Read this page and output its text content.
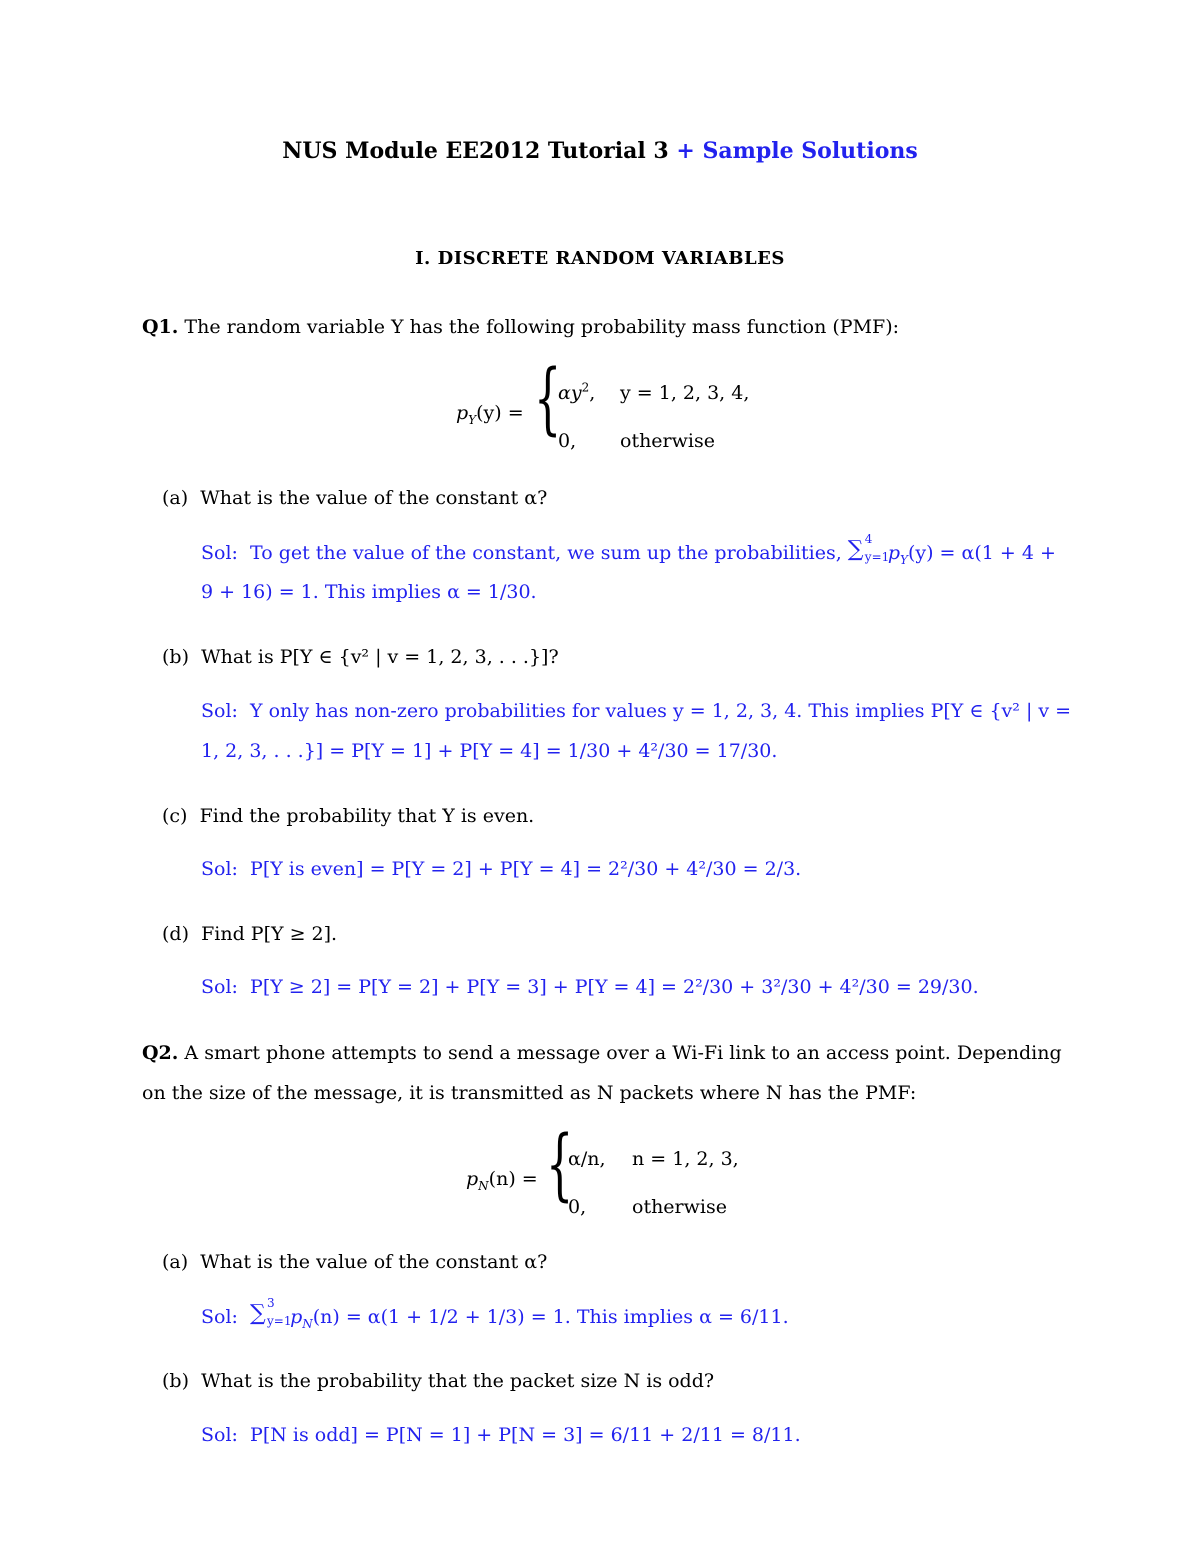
NUS Module EE2012 Tutorial 3 + Sample Solutions
I. DISCRETE RANDOM VARIABLES
Q1. The random variable Y has the following probability mass function (PMF):
$p_Y(y)$ = {
$\alpha y^2$, y = 1, 2, 3, 4,
0, otherwise
(a) What is the value of the constant α?
Sol: To get the value of the constant, we sum up the probabilities, ∑ 4
y=1
$p_Y(y) = \alpha(1 + 4$ +
9 + 16) = 1. This implies α = 1/30.
(b) What is P[Y ∈ {v² | v = 1, 2, 3, . . .}]?
Sol: Y only has non-zero probabilities for values y = 1, 2, 3, 4. This implies P[Y ∈ {v² | v =
1, 2, 3, . . .}] = P[Y = 1] + P[Y = 4] = 1/30 + 4²/30 = 17/30.
(c) Find the probability that Y is even.
Sol: P[Y is even] = P[Y = 2] + P[Y = 4] = 2²/30 + 4²/30 = 2/3.
(d) Find P[Y ≥ 2].
Sol: P[Y ≥ 2] = P[Y = 2] + P[Y = 3] + P[Y = 4] = 2²/30 + 3²/30 + 4²/30 = 29/30.
Q2. A smart phone attempts to send a message over a Wi-Fi link to an access point. Depending
on the size of the message, it is transmitted as N packets where N has the PMF:
$p_N(n)$ = {
α/n, n = 1, 2, 3,
0, otherwise
(a) What is the value of the constant α?
Sol: ∑ 3
y=1
$p_N(n) = \alpha(1 + 1/2 + 1/3) = 1$. This implies α = 6/11.
(b) What is the probability that the packet size N is odd?
Sol: P[N is odd] = P[N = 1] + P[N = 3] = 6/11 + 2/11 = 8/11.
